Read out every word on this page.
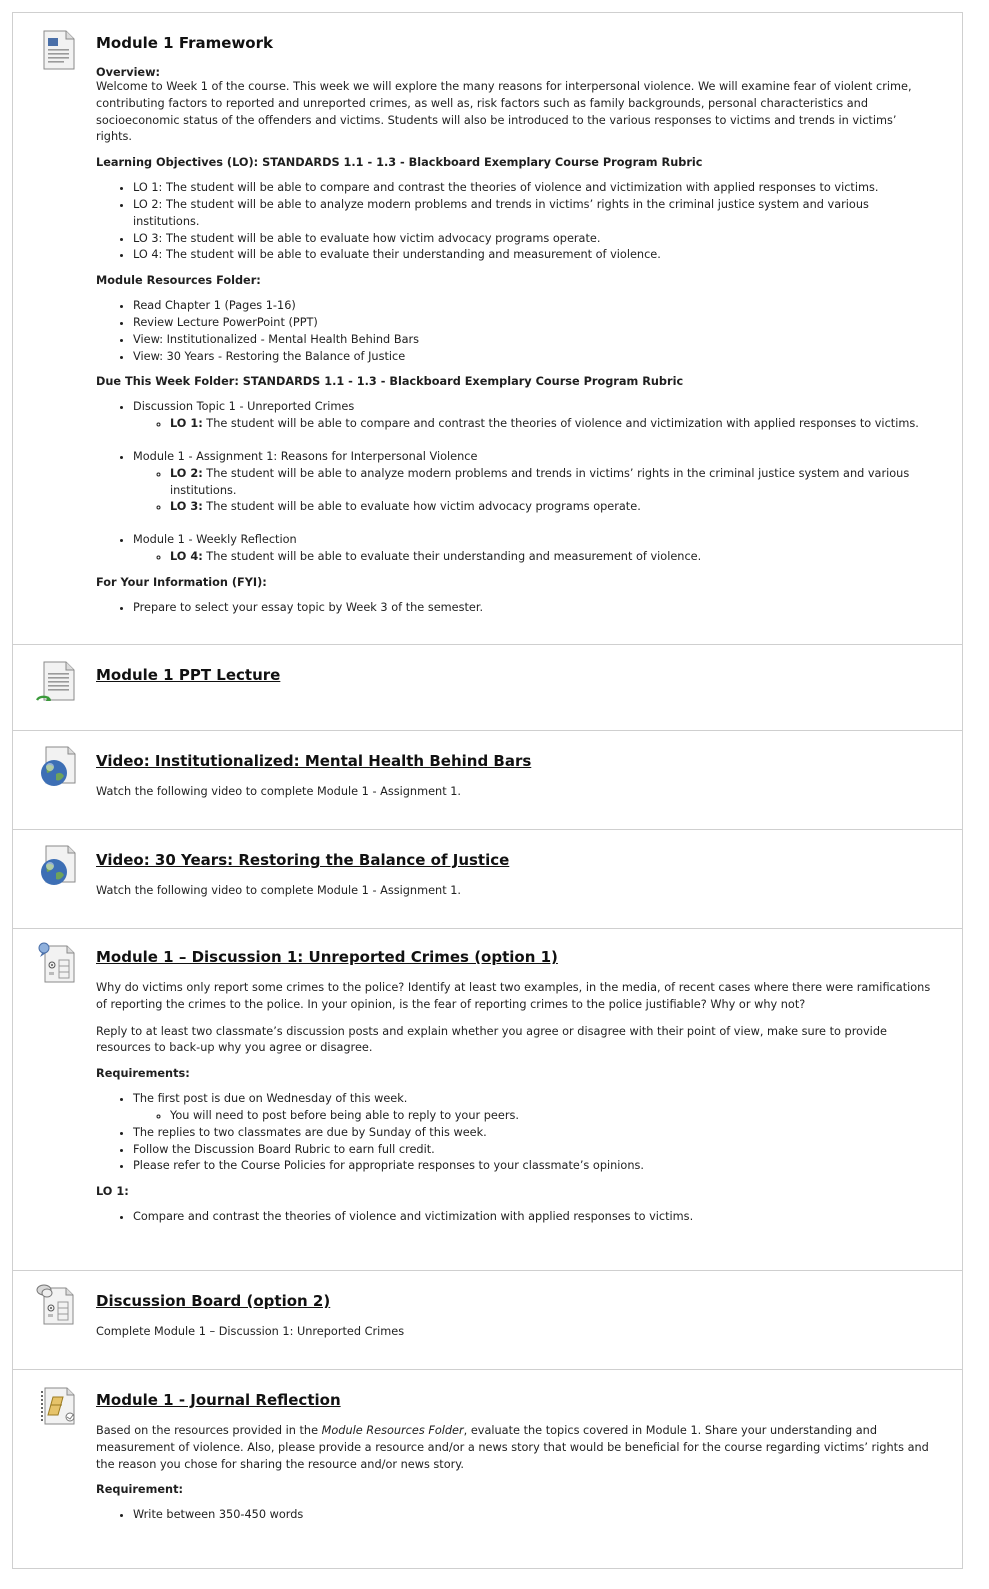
Module 1 Framework
Overview:

Welcome to Week 1 of the course. This week we will explore the many reasons for interpersonal violence. We will examine fear of violent crime, contributing factors to reported and unreported crimes, as well as, risk factors such as family backgrounds, personal characteristics and socioeconomic status of the offenders and victims. Students will also be introduced to the various responses to victims and trends in victims’ rights.

Learning Objectives (LO): STANDARDS 1.1 - 1.3 - Blackboard Exemplary Course Program Rubric
• LO 1: The student will be able to compare and contrast the theories of violence and victimization with applied responses to victims.
• LO 2: The student will be able to analyze modern problems and trends in victims’ rights in the criminal justice system and various institutions.
• LO 3: The student will be able to evaluate how victim advocacy programs operate.
• LO 4: The student will be able to evaluate their understanding and measurement of violence.
Module Resources Folder:
• Read Chapter 1 (Pages 1-16)
• Review Lecture PowerPoint (PPT)
• View: Institutionalized - Mental Health Behind Bars
• View: 30 Years - Restoring the Balance of Justice
Due This Week Folder: STANDARDS 1.1 - 1.3 - Blackboard Exemplary Course Program Rubric
• Discussion Topic 1 - Unreported Crimes
◦ LO 1: The student will be able to compare and contrast the theories of violence and victimization with applied responses to victims.
• Module 1 - Assignment 1: Reasons for Interpersonal Violence
◦ LO 2: The student will be able to analyze modern problems and trends in victims’ rights in the criminal justice system and various institutions.
◦ LO 3: The student will be able to evaluate how victim advocacy programs operate.
• Module 1 - Weekly Reflection
◦ LO 4: The student will be able to evaluate their understanding and measurement of violence.
For Your Information (FYI):
• Prepare to select your essay topic by Week 3 of the semester.
Module 1 PPT Lecture
Video: Institutionalized: Mental Health Behind Bars

Watch the following video to complete Module 1 - Assignment 1.

Video: 30 Years: Restoring the Balance of Justice

Watch the following video to complete Module 1 - Assignment 1.

Module 1 – Discussion 1: Unreported Crimes (option 1)

Why do victims only report some crimes to the police? Identify at least two examples, in the media, of recent cases where there were ramifications of reporting the crimes to the police. In your opinion, is the fear of reporting crimes to the police justifiable? Why or why not?

Reply to at least two classmate’s discussion posts and explain whether you agree or disagree with their point of view, make sure to provide resources to back-up why you agree or disagree.

Requirements:
• The first post is due on Wednesday of this week.
◦ You will need to post before being able to reply to your peers.
• The replies to two classmates are due by Sunday of this week.
• Follow the Discussion Board Rubric to earn full credit.
• Please refer to the Course Policies for appropriate responses to your classmate’s opinions.
LO 1:
• Compare and contrast the theories of violence and victimization with applied responses to victims.
Discussion Board (option 2)

Complete Module 1 – Discussion 1: Unreported Crimes

Module 1 - Journal Reflection

Based on the resources provided in the Module Resources Folder, evaluate the topics covered in Module 1. Share your understanding and measurement of violence. Also, please provide a resource and/or a news story that would be beneficial for the course regarding victims’ rights and the reason you chose for sharing the resource and/or news story.

Requirement:
• Write between 350-450 words
